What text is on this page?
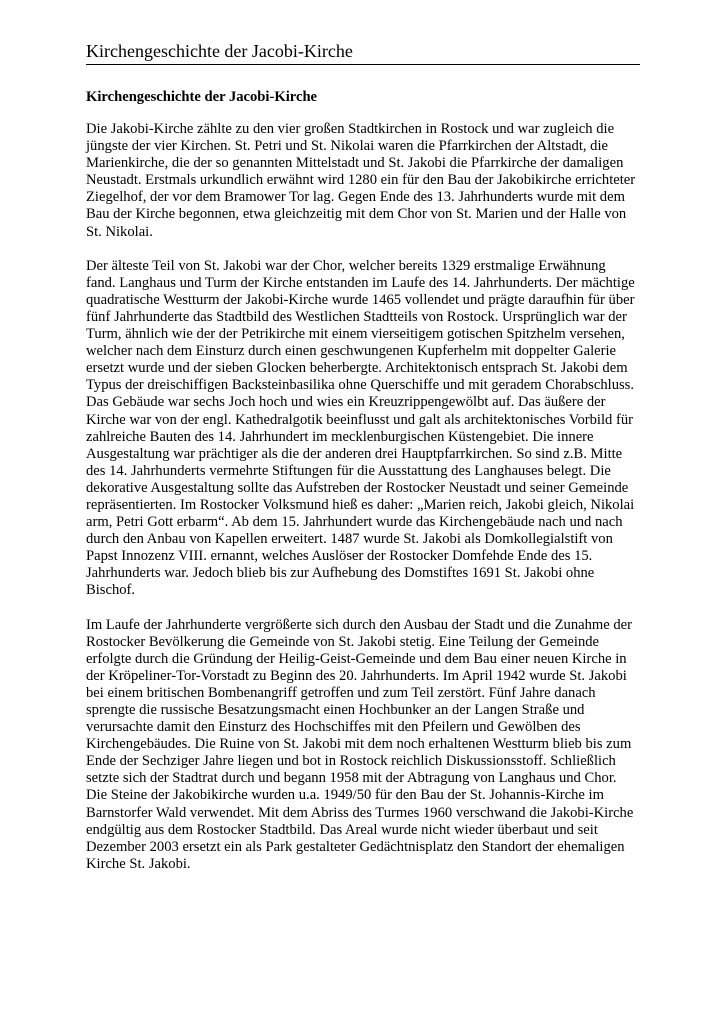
Kirchengeschichte der Jacobi-Kirche
Kirchengeschichte der Jacobi-Kirche
Die Jakobi-Kirche zählte zu den vier großen Stadtkirchen in Rostock und war zugleich die
jüngste der vier Kirchen. St. Petri und St. Nikolai waren die Pfarrkirchen der Altstadt, die
Marienkirche, die der so genannten Mittelstadt und St. Jakobi die Pfarrkirche der damaligen
Neustadt. Erstmals urkundlich erwähnt wird 1280 ein für den Bau der Jakobikirche errichteter
Ziegelhof, der vor dem Bramower Tor lag. Gegen Ende des 13. Jahrhunderts wurde mit dem
Bau der Kirche begonnen, etwa gleichzeitig mit dem Chor von St. Marien und der Halle von
St. Nikolai.
Der älteste Teil von St. Jakobi war der Chor, welcher bereits 1329 erstmalige Erwähnung
fand. Langhaus und Turm der Kirche entstanden im Laufe des 14. Jahrhunderts. Der mächtige
quadratische Westturm der Jakobi-Kirche wurde 1465 vollendet und prägte daraufhin für über
fünf Jahrhunderte das Stadtbild des Westlichen Stadtteils von Rostock. Ursprünglich war der
Turm, ähnlich wie der der Petrikirche mit einem vierseitigem gotischen Spitzhelm versehen,
welcher nach dem Einsturz durch einen geschwungenen Kupferhelm mit doppelter Galerie
ersetzt wurde und der sieben Glocken beherbergte. Architektonisch entsprach St. Jakobi dem
Typus der dreischiffigen Backsteinbasilika ohne Querschiffe und mit geradem Chorabschluss.
Das Gebäude war sechs Joch hoch und wies ein Kreuzrippengewölbt auf. Das äußere der
Kirche war von der engl. Kathedralgotik beeinflusst und galt als architektonisches Vorbild für
zahlreiche Bauten des 14. Jahrhundert im mecklenburgischen Küstengebiet. Die innere
Ausgestaltung war prächtiger als die der anderen drei Hauptpfarrkirchen. So sind z.B. Mitte
des 14. Jahrhunderts vermehrte Stiftungen für die Ausstattung des Langhauses belegt. Die
dekorative Ausgestaltung sollte das Aufstreben der Rostocker Neustadt und seiner Gemeinde
repräsentierten. Im Rostocker Volksmund hieß es daher: „Marien reich, Jakobi gleich, Nikolai
arm, Petri Gott erbarm“. Ab dem 15. Jahrhundert wurde das Kirchengebäude nach und nach
durch den Anbau von Kapellen erweitert. 1487 wurde St. Jakobi als Domkollegialstift von
Papst Innozenz VIII. ernannt, welches Auslöser der Rostocker Domfehde Ende des 15.
Jahrhunderts war. Jedoch blieb bis zur Aufhebung des Domstiftes 1691 St. Jakobi ohne
Bischof.
Im Laufe der Jahrhunderte vergrößerte sich durch den Ausbau der Stadt und die Zunahme der
Rostocker Bevölkerung die Gemeinde von St. Jakobi stetig. Eine Teilung der Gemeinde
erfolgte durch die Gründung der Heilig-Geist-Gemeinde und dem Bau einer neuen Kirche in
der Kröpeliner-Tor-Vorstadt zu Beginn des 20. Jahrhunderts. Im April 1942 wurde St. Jakobi
bei einem britischen Bombenangriff getroffen und zum Teil zerstört. Fünf Jahre danach
sprengte die russische Besatzungsmacht einen Hochbunker an der Langen Straße und
verursachte damit den Einsturz des Hochschiffes mit den Pfeilern und Gewölben des
Kirchengebäudes. Die Ruine von St. Jakobi mit dem noch erhaltenen Westturm blieb bis zum
Ende der Sechziger Jahre liegen und bot in Rostock reichlich Diskussionsstoff. Schließlich
setzte sich der Stadtrat durch und begann 1958 mit der Abtragung von Langhaus und Chor.
Die Steine der Jakobikirche wurden u.a. 1949/50 für den Bau der St. Johannis-Kirche im
Barnstorfer Wald verwendet. Mit dem Abriss des Turmes 1960 verschwand die Jakobi-Kirche
endgültig aus dem Rostocker Stadtbild. Das Areal wurde nicht wieder überbaut und seit
Dezember 2003 ersetzt ein als Park gestalteter Gedächtnisplatz den Standort der ehemaligen
Kirche St. Jakobi.
